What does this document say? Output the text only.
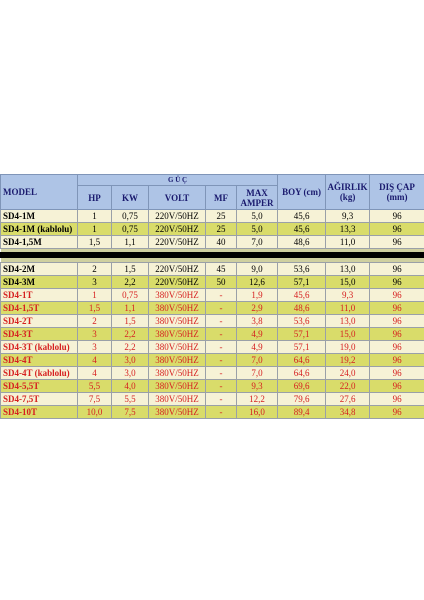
MODEL	G Ü Ç					BOY (cm)	AĞIRLIK (kg)	DIŞ ÇAP (mm)
	HP	KW	VOLT	MF	MAX AMPER			
SD4-1M	1	0,75	220V/50HZ	25	5,0	45,6	9,3	96
SD4-1M (kablolu)	1	0,75	220V/50HZ	25	5,0	45,6	13,3	96
SD4-1,5M	1,5	1,1	220V/50HZ	40	7,0	48,6	11,0	96

SD4-2M	2	1,5	220V/50HZ	45	9,0	53,6	13,0	96
SD4-3M	3	2,2	220V/50HZ	50	12,6	57,1	15,0	96
SD4-1T	1	0,75	380V/50HZ	-	1,9	45,6	9,3	96
SD4-1,5T	1,5	1,1	380V/50HZ	-	2,9	48,6	11,0	96
SD4-2T	2	1,5	380V/50HZ	-	3,8	53,6	13,0	96
SD4-3T	3	2,2	380V/50HZ	-	4,9	57,1	15,0	96
SD4-3T (kablolu)	3	2,2	380V/50HZ	-	4,9	57,1	19,0	96
SD4-4T	4	3,0	380V/50HZ	-	7,0	64,6	19,2	96
SD4-4T (kablolu)	4	3,0	380V/50HZ	-	7,0	64,6	24,0	96
SD4-5,5T	5,5	4,0	380V/50HZ	-	9,3	69,6	22,0	96
SD4-7,5T	7,5	5,5	380V/50HZ	-	12,2	79,6	27,6	96
SD4-10T	10,0	7,5	380V/50HZ	-	16,0	89,4	34,8	96
